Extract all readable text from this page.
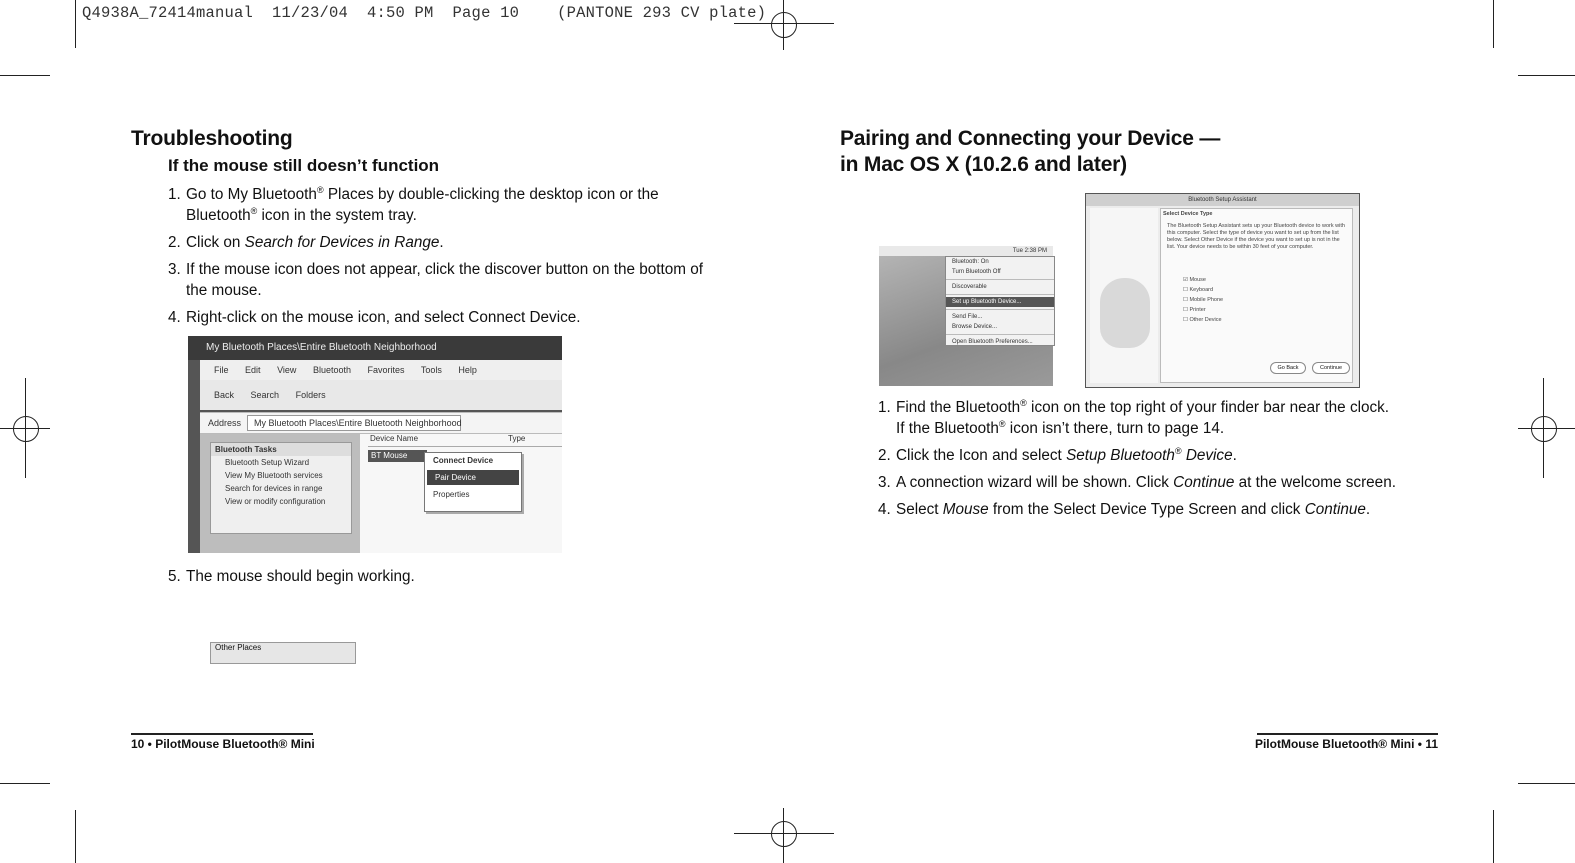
Q4938A_72414manual  11/23/04  4:50 PM  Page 10    (PANTONE 293 CV plate)
Troubleshooting
If the mouse still doesn’t function
1. Go to My Bluetooth® Places by double-clicking the desktop icon or the
Bluetooth® icon in the system tray.
2. Click on Search for Devices in Range.
3. If the mouse icon does not appear, click the discover button on the bottom of
the mouse.
4. Right-click on the mouse icon, and select Connect Device.
My Bluetooth Places\Entire Bluetooth Neighborhood
File Edit View Bluetooth Favorites Tools Help
Back Search Folders
Address My Bluetooth Places\Entire Bluetooth Neighborhood
Bluetooth Tasks
Bluetooth Setup Wizard
View My Bluetooth services
Search for devices in range
View or modify configuration
Other Places
Device Name	Type
BT Mouse
Connect Device
Pair Device
Properties
5. The mouse should begin working.
10 • PilotMouse Bluetooth® Mini
Pairing and Connecting your Device —
in Mac OS X (10.2.6 and later)
Tue 2:38 PM
Bluetooth: On
Turn Bluetooth Off
Discoverable
Set up Bluetooth Device...
Send File...
Browse Device...
Open Bluetooth Preferences...
Bluetooth Setup Assistant
Select Device Type
The Bluetooth Setup Assistant sets up your Bluetooth device to work with this computer. Select the type of device you want to set up from the list below. Select Other Device if the device you want to set up is not in the list. Your device needs to be within 30 feet of your computer.
☑ Mouse
☐ Keyboard
☐ Mobile Phone
☐ Printer
☐ Other Device
Go Back	Continue
1. Find the Bluetooth® icon on the top right of your finder bar near the clock.
If the Bluetooth® icon isn’t there, turn to page 14.
2. Click the Icon and select Setup Bluetooth® Device.
3. A connection wizard will be shown. Click Continue at the welcome screen.
4. Select Mouse from the Select Device Type Screen and click Continue.
PilotMouse Bluetooth® Mini • 11
